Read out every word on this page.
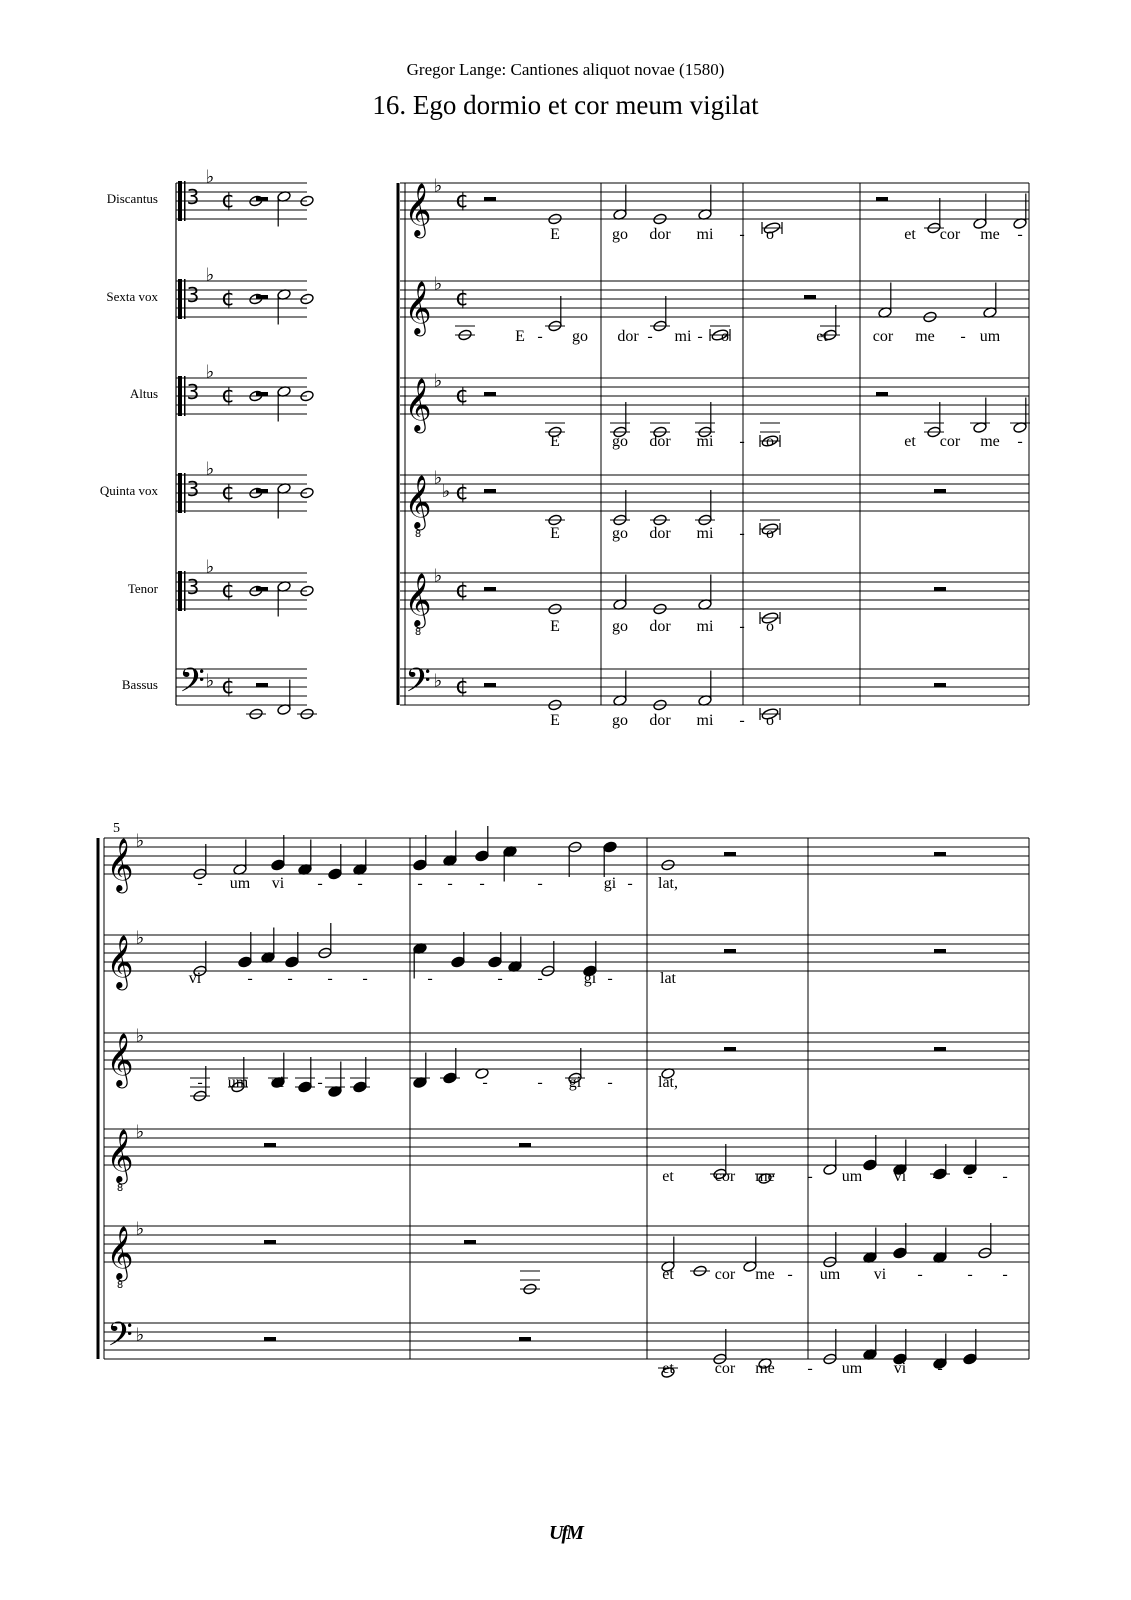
Gregor Lange: Cantiones aliquot novae (1580)
16. Ego dormio et cor meum vigilat
Discantus
Sexta vox
Altus
Quinta vox
Tenor
Bassus
3
♭
¢
3
♭
¢
3
♭
¢
3
♭
¢
3
♭
¢
𝄢 ♭ ¢
𝄞 ♭
¢
𝄞 ♭
¢
𝄞 ♭
¢
𝄞
8
♭
♭ ¢
𝄞
8
♭
¢
𝄢 ♭ ¢
E	go dor mi - o	et cor me -
E - go dor - mi - o	et	cor me - um
E	go dor mi - o	et cor me -
E	go dor mi - o
E	go dor mi - o
E	go dor mi - o
5
𝄞 ♭
𝄞 ♭
𝄞 ♭
𝄞
8
♭
𝄞
8
♭
𝄢 ♭
- um vi - -	- - -	-	gi - lat,
vi	- - - -	-	- -	gi -	lat
- um vi - -	-	-	- gi -	lat,
et	cor me - um vi - - -
et	cor me - um vi -	- -
et	cor me - um vi -
UfM
